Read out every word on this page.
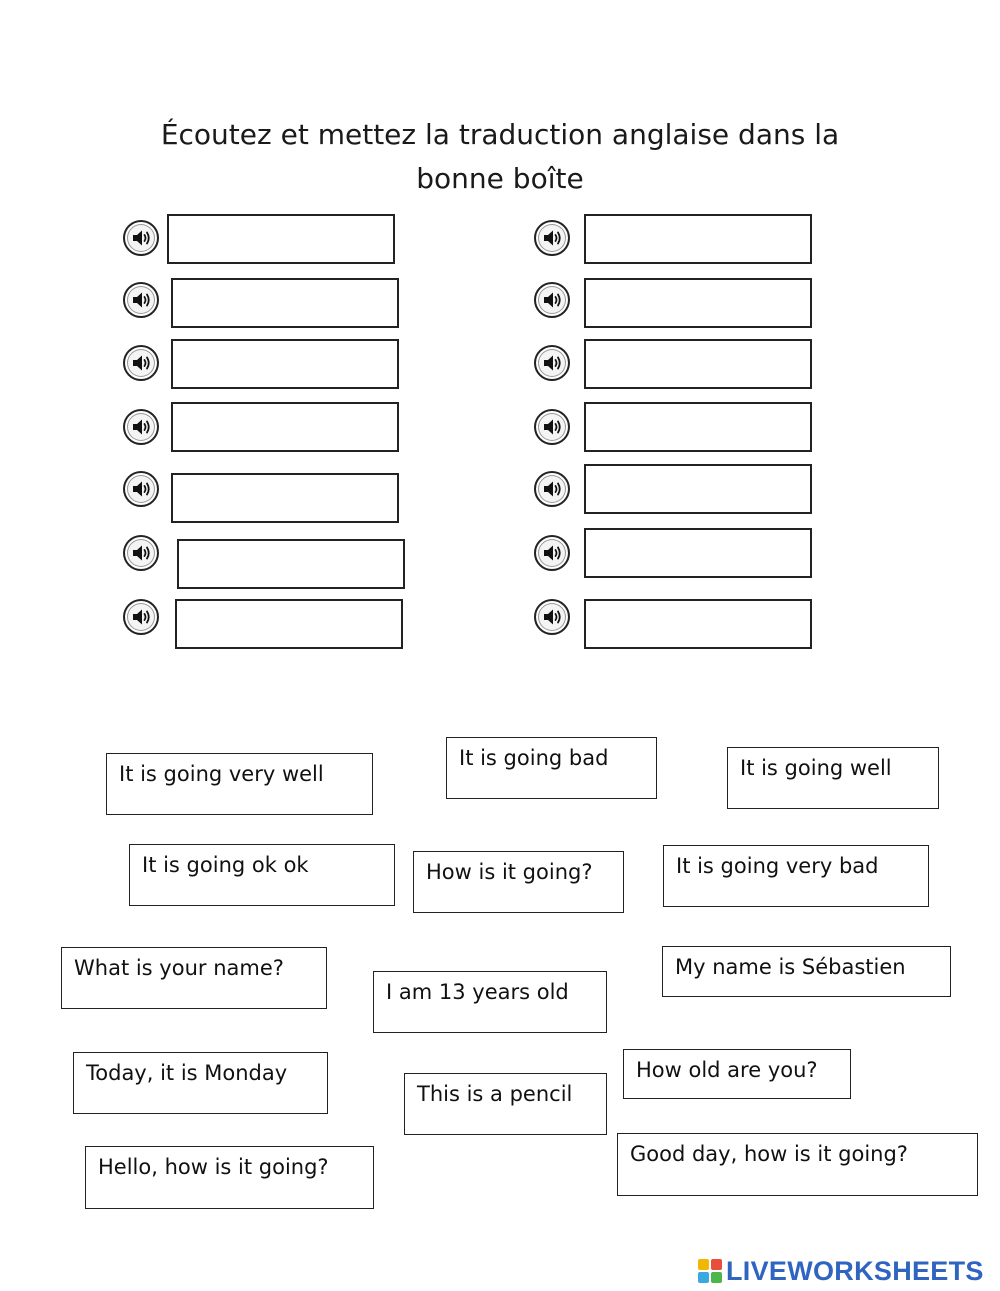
Écoutez et mettez la traduction anglaise dans la
bonne boîte
It is going very well
It is going bad	It is going well
It is going ok ok	How is it going?	It is going very bad
What is your name?
I am 13 years old
My name is Sébastien
Today, it is Monday
This is a pencil
How old are you?
Hello, how is it going?
Good day, how is it going?
LIVEWORKSHEETS
